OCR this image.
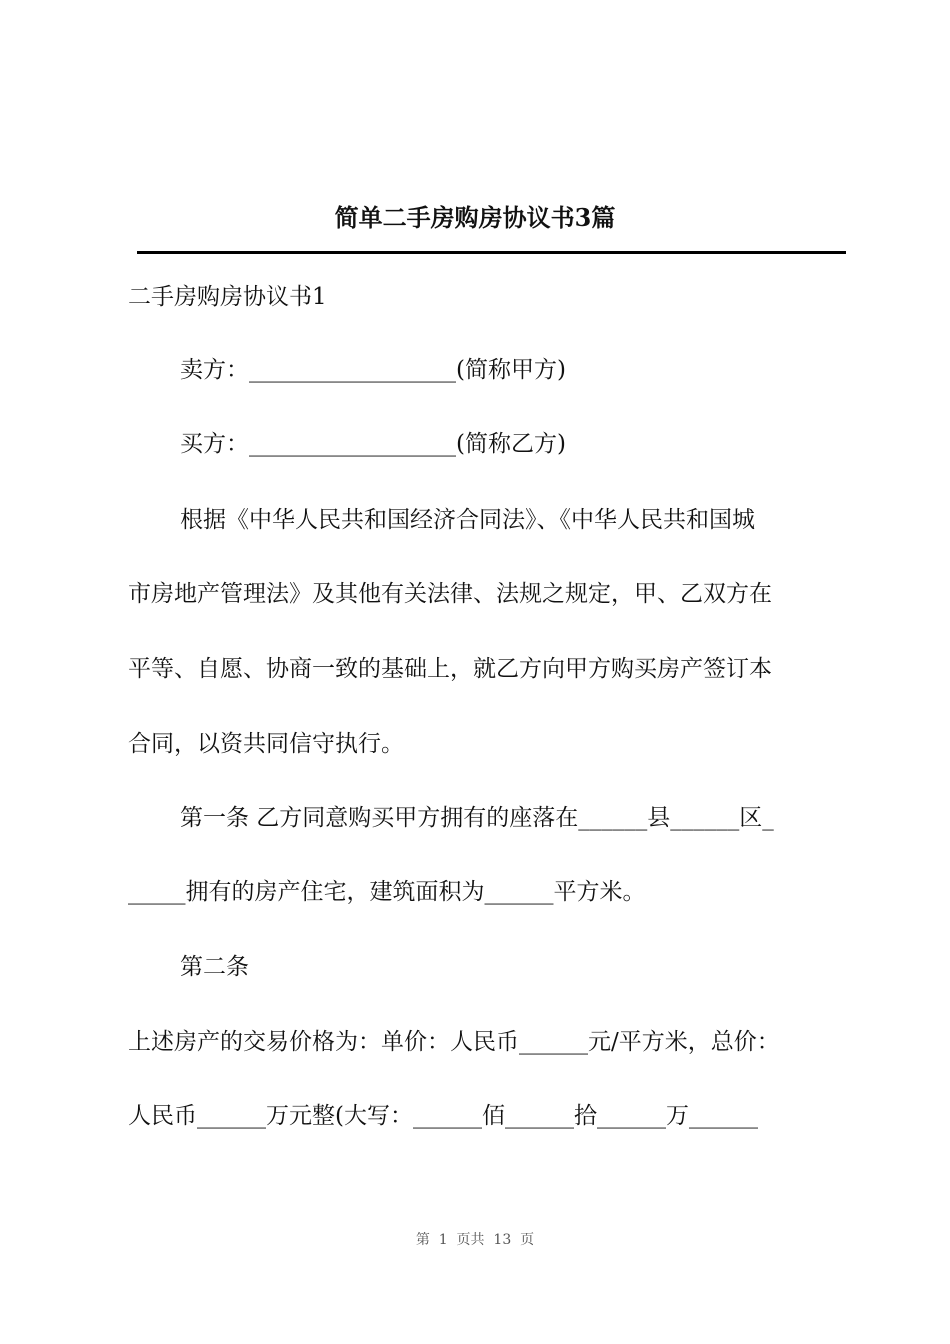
简单二手房购房协议书3篇
二手房购房协议书1
卖方：__________________(简称甲方)
买方：__________________(简称乙方)
根据《中华人民共和国经济合同法》、《中华人民共和国城
市房地产管理法》及其他有关法律、法规之规定，甲、乙双方在
平等、自愿、协商一致的基础上，就乙方向甲方购买房产签订本
合同，以资共同信守执行。
第一条 乙方同意购买甲方拥有的座落在______县______区_
_____拥有的房产住宅，建筑面积为______平方米。
第二条
上述房产的交易价格为：单价：人民币______元/平方米，总价：
人民币______万元整(大写：______佰______拾______万______
第  1  页共  13  页
